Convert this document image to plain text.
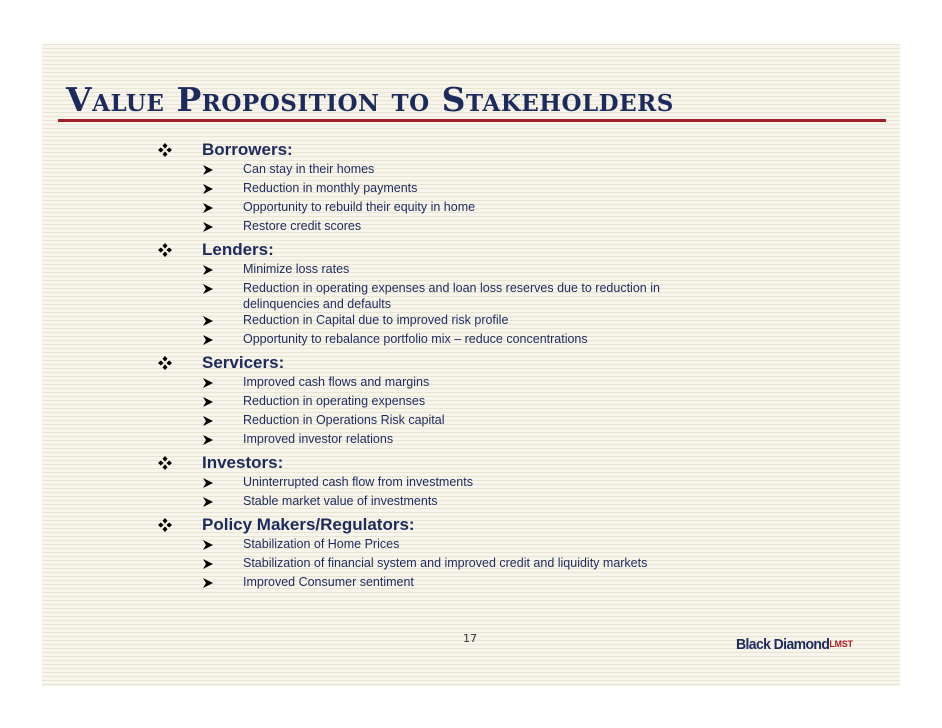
Value Proposition to Stakeholders
Borrowers:
Can stay in their homes
Reduction in monthly payments
Opportunity to rebuild their equity in home
Restore credit scores
Lenders:
Minimize loss rates
Reduction in operating expenses and loan loss reserves due to reduction in delinquencies and defaults
Reduction in Capital due to improved risk profile
Opportunity to rebalance portfolio mix – reduce concentrations
Servicers:
Improved cash flows and margins
Reduction in operating expenses
Reduction in Operations Risk capital
Improved investor relations
Investors:
Uninterrupted cash flow from investments
Stable market value of investments
Policy Makers/Regulators:
Stabilization of Home Prices
Stabilization of financial system and improved credit and liquidity markets
Improved Consumer sentiment
17	Black Diamond$^{LMST}$
